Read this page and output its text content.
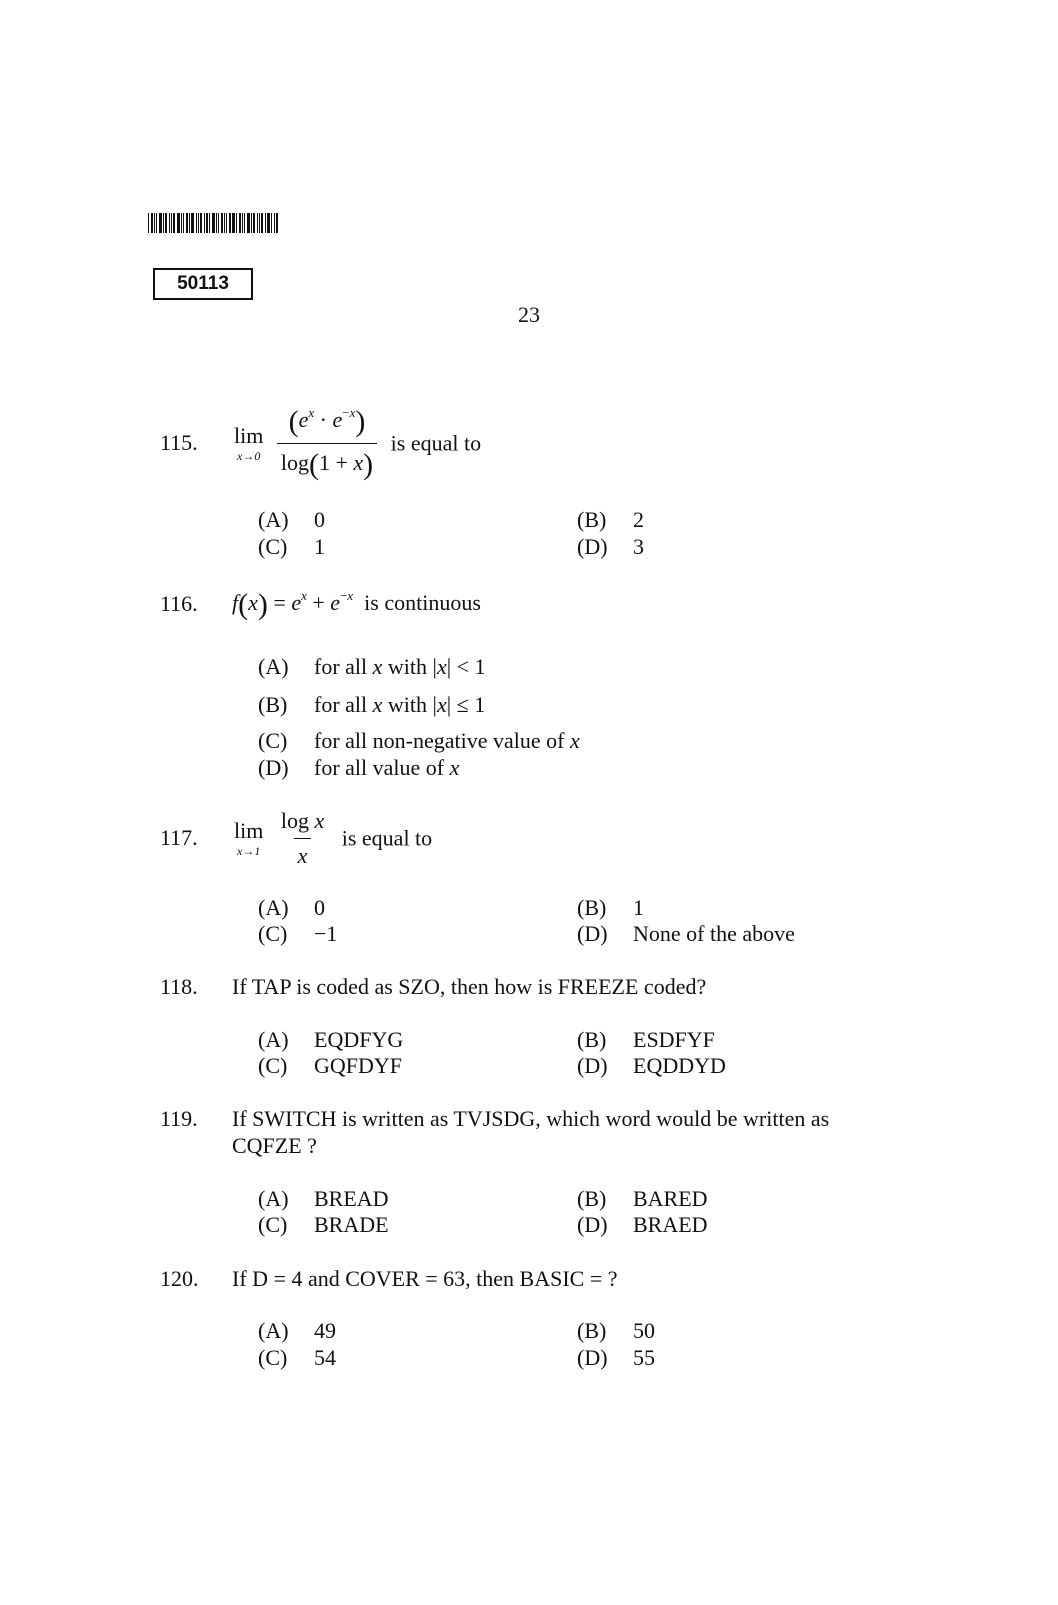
50113
23
115.	lim
x→0
$\frac{(e^x \cdot e^{-x})}{\log(1 + x)}$ is equal to
(A) 0	(B) 2
(C) 1	(D) 3
116.	$f(x) = e^x + e^{-x}$ is continuous
(A) for all x with |x| < 1
(B) for all x with |x| ≤ 1
(C) for all non-negative value of x
(D) for all value of x
117.	lim
x→1
$\frac{\text{log x}}{x}$ is equal to
(A) 0	(B) 1
(C) −1	(D) None of the above
118.	If TAP is coded as SZO, then how is FREEZE coded?
(A) EQDFYG	(B) ESDFYF
(C) GQFDYF	(D) EQDDYD
119.	If SWITCH is written as TVJSDG, which word would be written as
CQFZE ?
(A) BREAD	(B) BARED
(C) BRADE	(D) BRAED
120.	If D = 4 and COVER = 63, then BASIC = ?
(A) 49	(B) 50
(C) 54	(D) 55
